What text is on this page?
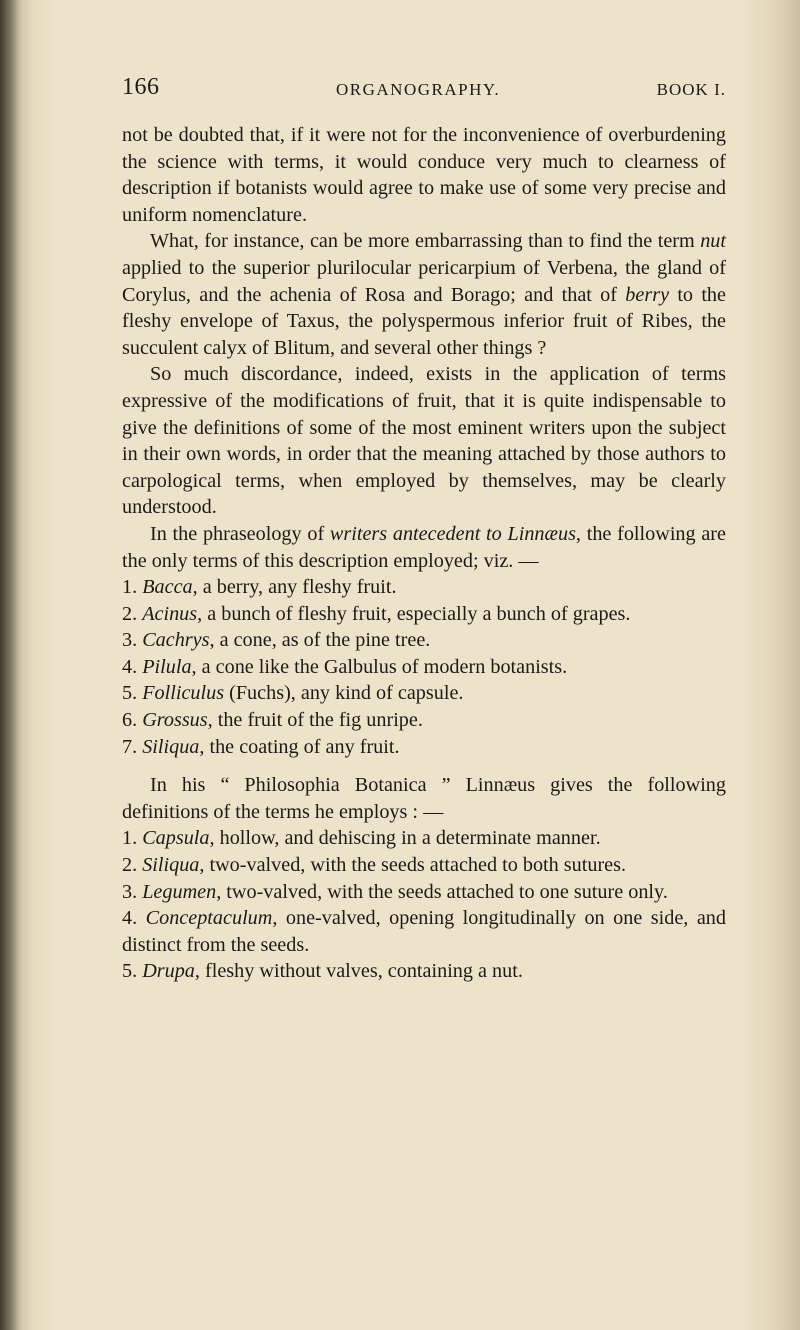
166	ORGANOGRAPHY.	BOOK I.

not be doubted that, if it were not for the inconvenience of overburdening the science with terms, it would conduce very much to clearness of description if botanists would agree to make use of some very precise and uniform nomenclature.

What, for instance, can be more embarrassing than to find the term nut applied to the superior plurilocular pericarpium of Verbena, the gland of Corylus, and the achenia of Rosa and Borago; and that of berry to the fleshy envelope of Taxus, the polyspermous inferior fruit of Ribes, the succulent calyx of Blitum, and several other things ?

So much discordance, indeed, exists in the application of terms expressive of the modifications of fruit, that it is quite indispensable to give the definitions of some of the most eminent writers upon the subject in their own words, in order that the meaning attached by those authors to carpological terms, when employed by themselves, may be clearly understood.

In the phraseology of writers antecedent to Linnæus, the following are the only terms of this description employed; viz. —

1. Bacca, a berry, any fleshy fruit.

2. Acinus, a bunch of fleshy fruit, especially a bunch of grapes.

3. Cachrys, a cone, as of the pine tree.

4. Pilula, a cone like the Galbulus of modern botanists.

5. Folliculus (Fuchs), any kind of capsule.

6. Grossus, the fruit of the fig unripe.

7. Siliqua, the coating of any fruit.

In his “ Philosophia Botanica ” Linnæus gives the following definitions of the terms he employs : —

1. Capsula, hollow, and dehiscing in a determinate manner.

2. Siliqua, two-valved, with the seeds attached to both sutures.

3. Legumen, two-valved, with the seeds attached to one suture only.

4. Conceptaculum, one-valved, opening longitudinally on one side, and distinct from the seeds.

5. Drupa, fleshy without valves, containing a nut.
